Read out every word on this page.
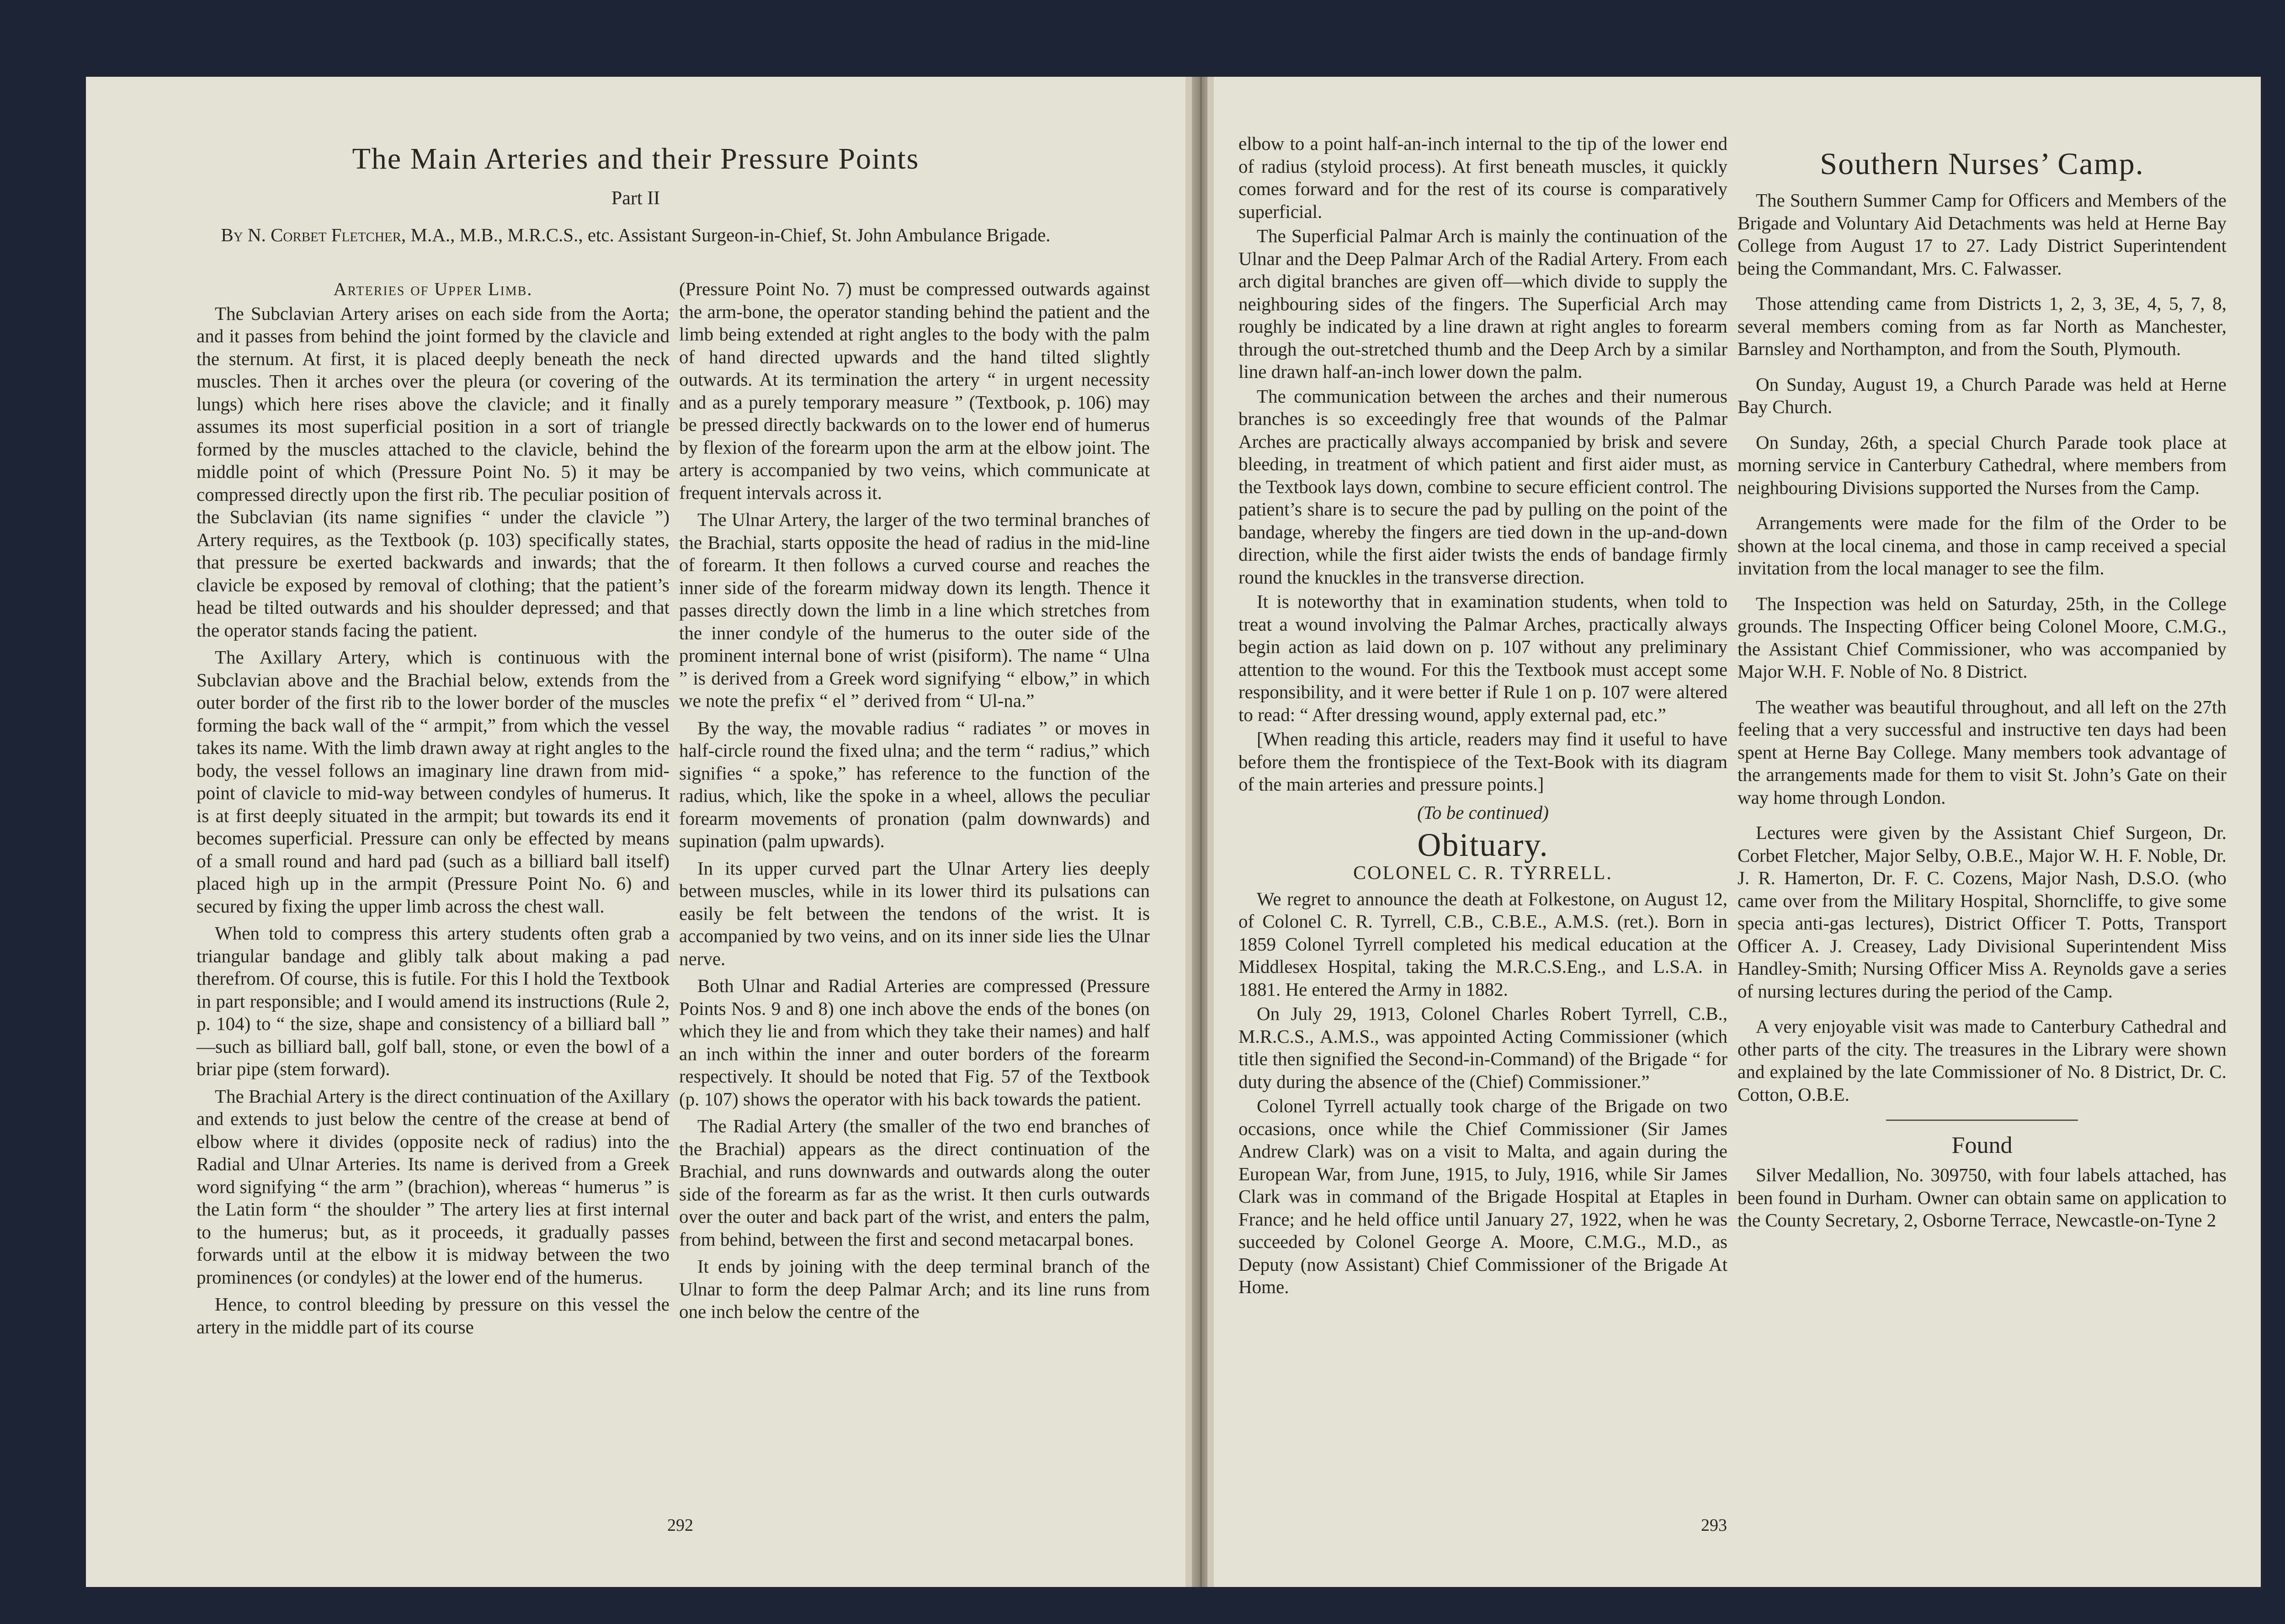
The Main Arteries and their Pressure Points
Part II
By N. Corbet Fletcher, M.A., M.B., M.R.C.S., etc. Assistant Surgeon-in-Chief, St. John Ambulance Brigade.
Arteries of Upper Limb.

The Subclavian Artery arises on each side from the Aorta; and it passes from behind the joint formed by the clavicle and the sternum. At first, it is placed deeply beneath the neck muscles. Then it arches over the pleura (or covering of the lungs) which here rises above the clavicle; and it finally assumes its most superficial position in a sort of triangle formed by the muscles attached to the clavicle, behind the middle point of which (Pressure Point No. 5) it may be compressed directly upon the first rib. The peculiar position of the Subclavian (its name signifies “ under the clavicle ”) Artery requires, as the Textbook (p. 103) specifically states, that pressure be exerted backwards and inwards; that the clavicle be exposed by removal of clothing; that the patient’s head be tilted outwards and his shoulder depressed; and that the operator stands facing the patient.

The Axillary Artery, which is continuous with the Subclavian above and the Brachial below, extends from the outer border of the first rib to the lower border of the muscles forming the back wall of the “ armpit,” from which the vessel takes its name. With the limb drawn away at right angles to the body, the vessel follows an imaginary line drawn from mid-point of clavicle to mid-way between condyles of humerus. It is at first deeply situated in the armpit; but towards its end it becomes superficial. Pressure can only be effected by means of a small round and hard pad (such as a billiard ball itself) placed high up in the armpit (Pressure Point No. 6) and secured by fixing the upper limb across the chest wall.

When told to compress this artery students often grab a triangular bandage and glibly talk about making a pad therefrom. Of course, this is futile. For this I hold the Textbook in part responsible; and I would amend its instructions (Rule 2, p. 104) to “ the size, shape and consistency of a billiard ball ” —such as billiard ball, golf ball, stone, or even the bowl of a briar pipe (stem forward).

The Brachial Artery is the direct continuation of the Axillary and extends to just below the centre of the crease at bend of elbow where it divides (opposite neck of radius) into the Radial and Ulnar Arteries. Its name is derived from a Greek word signifying “ the arm ” (brachion), whereas “ humerus ” is the Latin form “ the shoulder ” The artery lies at first internal to the humerus; but, as it proceeds, it gradually passes forwards until at the elbow it is midway between the two prominences (or condyles) at the lower end of the humerus.

Hence, to control bleeding by pressure on this vessel the artery in the middle part of its course

(Pressure Point No. 7) must be compressed outwards against the arm-bone, the operator standing behind the patient and the limb being extended at right angles to the body with the palm of hand directed upwards and the hand tilted slightly outwards. At its termination the artery “ in urgent necessity and as a purely temporary measure ” (Textbook, p. 106) may be pressed directly backwards on to the lower end of humerus by flexion of the forearm upon the arm at the elbow joint. The artery is accompanied by two veins, which communicate at frequent intervals across it.

The Ulnar Artery, the larger of the two terminal branches of the Brachial, starts opposite the head of radius in the mid-line of forearm. It then follows a curved course and reaches the inner side of the forearm midway down its length. Thence it passes directly down the limb in a line which stretches from the inner condyle of the humerus to the outer side of the prominent internal bone of wrist (pisiform). The name “ Ulna ” is derived from a Greek word signifying “ elbow,” in which we note the prefix “ el ” derived from “ Ul-na.”

By the way, the movable radius “ radiates ” or moves in half-circle round the fixed ulna; and the term “ radius,” which signifies “ a spoke,” has reference to the function of the radius, which, like the spoke in a wheel, allows the peculiar forearm movements of pronation (palm downwards) and supination (palm upwards).

In its upper curved part the Ulnar Artery lies deeply between muscles, while in its lower third its pulsations can easily be felt between the tendons of the wrist. It is accompanied by two veins, and on its inner side lies the Ulnar nerve.

Both Ulnar and Radial Arteries are compressed (Pressure Points Nos. 9 and 8) one inch above the ends of the bones (on which they lie and from which they take their names) and half an inch within the inner and outer borders of the forearm respectively. It should be noted that Fig. 57 of the Textbook (p. 107) shows the operator with his back towards the patient.

The Radial Artery (the smaller of the two end branches of the Brachial) appears as the direct continuation of the Brachial, and runs downwards and outwards along the outer side of the forearm as far as the wrist. It then curls outwards over the outer and back part of the wrist, and enters the palm, from behind, between the first and second metacarpal bones.

It ends by joining with the deep terminal branch of the Ulnar to form the deep Palmar Arch; and its line runs from one inch below the centre of the

292

elbow to a point half-an-inch internal to the tip of the lower end of radius (styloid process). At first beneath muscles, it quickly comes forward and for the rest of its course is comparatively superficial.

The Superficial Palmar Arch is mainly the continuation of the Ulnar and the Deep Palmar Arch of the Radial Artery. From each arch digital branches are given off—which divide to supply the neighbouring sides of the fingers. The Superficial Arch may roughly be indicated by a line drawn at right angles to forearm through the out-stretched thumb and the Deep Arch by a similar line drawn half-an-inch lower down the palm.

The communication between the arches and their numerous branches is so exceedingly free that wounds of the Palmar Arches are practically always accompanied by brisk and severe bleeding, in treatment of which patient and first aider must, as the Textbook lays down, combine to secure efficient control. The patient’s share is to secure the pad by pulling on the point of the bandage, whereby the fingers are tied down in the up-and-down direction, while the first aider twists the ends of bandage firmly round the knuckles in the transverse direction.

It is noteworthy that in examination students, when told to treat a wound involving the Palmar Arches, practically always begin action as laid down on p. 107 without any preliminary attention to the wound. For this the Textbook must accept some responsibility, and it were better if Rule 1 on p. 107 were altered to read: “ After dressing wound, apply external pad, etc.”

[When reading this article, readers may find it useful to have before them the frontispiece of the Text-Book with its diagram of the main arteries and pressure points.]

(To be continued)

Obituary.
COLONEL C. R. TYRRELL.

We regret to announce the death at Folkestone, on August 12, of Colonel C. R. Tyrrell, C.B., C.B.E., A.M.S. (ret.). Born in 1859 Colonel Tyrrell completed his medical education at the Middlesex Hospital, taking the M.R.C.S.Eng., and L.S.A. in 1881. He entered the Army in 1882.

On July 29, 1913, Colonel Charles Robert Tyrrell, C.B., M.R.C.S., A.M.S., was appointed Acting Commissioner (which title then signified the Second-in-Command) of the Brigade “ for duty during the absence of the (Chief) Commissioner.”

Colonel Tyrrell actually took charge of the Brigade on two occasions, once while the Chief Commissioner (Sir James Andrew Clark) was on a visit to Malta, and again during the European War, from June, 1915, to July, 1916, while Sir James Clark was in command of the Brigade Hospital at Etaples in France; and he held office until January 27, 1922, when he was succeeded by Colonel George A. Moore, C.M.G., M.D., as Deputy (now Assistant) Chief Commissioner of the Brigade At Home.

Southern Nurses’ Camp.

The Southern Summer Camp for Officers and Members of the Brigade and Voluntary Aid Detachments was held at Herne Bay College from August 17 to 27. Lady District Superintendent being the Commandant, Mrs. C. Falwasser.

Those attending came from Districts 1, 2, 3, 3E, 4, 5, 7, 8, several members coming from as far North as Manchester, Barnsley and Northampton, and from the South, Plymouth.

On Sunday, August 19, a Church Parade was held at Herne Bay Church.

On Sunday, 26th, a special Church Parade took place at morning service in Canterbury Cathedral, where members from neighbouring Divisions supported the Nurses from the Camp.

Arrangements were made for the film of the Order to be shown at the local cinema, and those in camp received a special invitation from the local manager to see the film.

The Inspection was held on Saturday, 25th, in the College grounds. The Inspecting Officer being Colonel Moore, C.M.G., the Assistant Chief Commissioner, who was accompanied by Major W.H. F. Noble of No. 8 District.

The weather was beautiful throughout, and all left on the 27th feeling that a very successful and instructive ten days had been spent at Herne Bay College. Many members took advantage of the arrangements made for them to visit St. John’s Gate on their way home through London.

Lectures were given by the Assistant Chief Surgeon, Dr. Corbet Fletcher, Major Selby, O.B.E., Major W. H. F. Noble, Dr. J. R. Hamerton, Dr. F. C. Cozens, Major Nash, D.S.O. (who came over from the Military Hospital, Shorncliffe, to give some specia anti-gas lectures), District Officer T. Potts, Transport Officer A. J. Creasey, Lady Divisional Superintendent Miss Handley-Smith; Nursing Officer Miss A. Reynolds gave a series of nursing lectures during the period of the Camp.

A very enjoyable visit was made to Canterbury Cathedral and other parts of the city. The treasures in the Library were shown and explained by the late Commissioner of No. 8 District, Dr. C. Cotton, O.B.E.

Found

Silver Medallion, No. 309750, with four labels attached, has been found in Durham. Owner can obtain same on application to the County Secretary, 2, Osborne Terrace, Newcastle-on-Tyne 2

293
